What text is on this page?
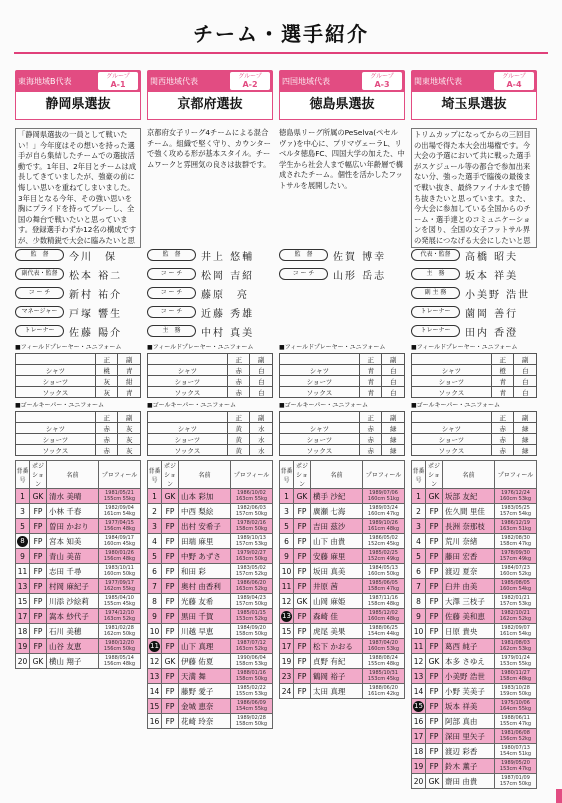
チーム・選手紹介
東海地域B代表
グループ
A-1
静岡県選抜
「静岡県選抜の一員として戦いたい！」今年度はその想いを持った選手が自ら集結したチームでの選抜活動です。1年目、2年目とチームは成長してきていましたが、強豪の前に悔しい思いを重ねてしまいました。3年目となる今年、その強い思いを胸にプライドを持ってプレーし、全国の舞台で戦いたいと思っています。登録選手わずか12名の構成ですが、少数精鋭で大会に臨みたいと思
監　督	今川　保
副代表・監督	松本 裕二
コ ー チ	新村 祐介
マネージャー	戸塚 響生
トレーナー	佐藤 陽介
■フィールドプレーヤー・ユニフォーム
	正	副
シャツ	桃	青
ショーツ	灰	紺
ソックス	灰	青
■ゴールキーパー・ユニフォーム
	正	副
シャツ	赤	灰
ショーツ	赤	灰
ソックス	赤	灰
背番号	ポジション	名前	プロフィール
1	GK	清水 美晴	1981/05/21 155cm 55kg
3	FP	小林 千春	1982/09/04 161cm 54kg
5	FP	曽田 かおり	1977/04/15 156cm 48kg
8	FP	宮本 知美	1984/09/17 160cm 45kg
9	FP	青山 美苗	1980/01/26 156cm 48kg
11	FP	志田 千尋	1983/10/11 160cm 50kg
13	FP	村岡 麻紀子	1977/09/17 162cm 55kg
15	FP	川添 沙絵莉	1985/04/10 155cm 45kg
17	FP	嵩本 紗代子	1974/12/10 163cm 52kg
18	FP	石川 美穂	1981/02/28 162cm 50kg
19	FP	山谷 友恵	1980/12/20 156cm 50kg
20	GK	横山 翔子	1988/05/14 156cm 48kg
関西地域代表
グループ
A-2
京都府選抜
京都府女子リーグ4チームによる混合チーム。組織で堅く守り、カウンターで強く攻める形が基本スタイル。チームワークと雰囲気の良さは抜群です。
監　督	井上 悠輔
コ ー チ	松岡 吉紹
コ ー チ	藤原　亮
コ ー チ	近藤 秀雄
主　務	中村 真美
■フィールドプレーヤー・ユニフォーム
	正	副
シャツ	赤	白
ショーツ	赤	白
ソックス	赤	白
■ゴールキーパー・ユニフォーム
	正	副
シャツ	黄	水
ショーツ	黄	水
ソックス	黄	水
背番号	ポジション	名前	プロフィール
1	GK	山本 彩加	1986/10/02 163cm 55kg
2	FP	中西 梨絵	1982/06/03 157cm 50kg
3	FP	出村 安希子	1978/02/16 158cm 50kg
4	FP	田端 麻里	1989/10/13 157cm 53kg
5	FP	中野 あずさ	1979/02/27 163cm 50kg
6	FP	和田 彩	1983/05/02 157cm 52kg
7	FP	奥村 由香利	1986/06/20 163cm 52kg
8	FP	光藤 友希	1989/04/23 157cm 50kg
9	FP	黒田 千賀	1985/01/15 153cm 52kg
10	FP	川越 早恵	1984/09/20 158cm 50kg
11	FP	山下 真理	1987/07/12 163cm 52kg
12	GK	伊藤 佑夏	1990/06/04 158cm 53kg
13	FP	天満 舞	1988/01/16 158cm 50kg
14	FP	藤野 愛子	1985/02/22 155cm 53kg
15	FP	金城 恵奈	1986/06/09 154cm 55kg
16	FP	花崎 玲奈	1989/02/28 158cm 50kg
四国地域代表
グループ
A-3
徳島県選抜
徳島県リーグ所属のPeSelva(ペセルヴァ)を中心に、プリマヴェーラL、リベルタ徳島FC、四国大学の加えた、中学生から社会人まで幅広い年齢層で構成されたチーム。個性を活かしたフットサルを展開したい。
監　督	佐賀 博幸
コ ー チ	山形 岳志
■フィールドプレーヤー・ユニフォーム
	正	副
シャツ	青	白
ショーツ	青	白
ソックス	青	白
■ゴールキーパー・ユニフォーム
	正	副
シャツ	赤	緑
ショーツ	赤	緑
ソックス	赤	緑
背番号	ポジション	名前	プロフィール
1	GK	横手 沙紀	1989/07/06 160cm 51kg
3	FP	廣瀬 七海	1989/03/24 160cm 47kg
5	FP	吉田 茲沙	1989/10/26 161cm 48kg
6	FP	山下 由貴	1986/05/02 152cm 45kg
9	FP	安藤 麻里	1985/02/25 152cm 49kg
10	FP	坂田 真美	1984/05/13 160cm 50kg
11	FP	井原 茜	1985/06/05 158cm 47kg
12	GK	山岡 麻姫	1987/11/16 158cm 48kg
13	FP	森崎 佳	1985/12/02 160cm 48kg
15	FP	虎尾 美果	1988/06/25 154cm 44kg
17	FP	松下 かおる	1987/04/20 160cm 53kg
19	FP	貞野 有紀	1988/08/24 155cm 48kg
23	FP	鶴岡 裕子	1985/10/31 153cm 45kg
24	FP	太田 真理	1988/06/20 161cm 42kg
関東地域代表
グループ
A-4
埼玉県選抜
トリムカップになってからの三回目の出場で得た本大会出場権です。今大会の予選において共に戦った選手がスケジュール等の都合で参加出来ない分、強った選手で臨後の最後まで戦い抜き、最終ファイナルまで勝ち抜きたいと思っています。また、今大会に参加している全国からのチーム・選手達とのコミュニケーションを図り、全国の女子フットサル界の発展につなげる大会にしたいと思
代表・監督	高橋 昭夫
主　務	坂本 祥美
副 主 務	小美野 浩世
トレーナー	薗岡 善行
トレーナー	田内 香澄
■フィールドプレーヤー・ユニフォーム
	正	副
シャツ	橙	白
ショーツ	青	白
ソックス	青	白
■ゴールキーパー・ユニフォーム
	正	副
シャツ	赤	緑
ショーツ	赤	緑
ソックス	赤	緑
背番号	ポジション	名前	プロフィール
1	GK	坂部 友紀	1976/12/24 160cm 53kg
2	FP	佐久間 里佳	1983/05/25 157cm 54kg
3	FP	長洲 奈那枝	1986/12/19 163cm 51kg
4	FP	荒川 奈緒	1982/08/30 158cm 47kg
5	FP	藤田 宏香	1978/09/30 157cm 49kg
6	FP	渡辺 夏奈	1984/07/23 160cm 52kg
7	FP	臼井 由美	1985/08/05 160cm 54kg
8	FP	大澤 三枝子	1982/01/21 157cm 53kg
9	FP	佐藤 美和恵	1982/10/21 162cm 52kg
10	FP	日原 貴央	1982/09/07 161cm 54kg
11	FP	葛西 純子	1981/08/03 162cm 53kg
12	GK	本多 さゆえ	1979/01/24 153cm 55kg
13	FP	小美野 浩世	1980/11/27 158cm 48kg
14	FP	小野 芙美子	1983/10/28 159cm 50kg
15	FP	坂本 祥美	1975/10/06 164cm 55kg
16	FP	阿部 真由	1988/06/11 155cm 47kg
17	FP	深田 里矢子	1981/06/08 156cm 52kg
18	FP	渡辺 彩香	1980/07/13 154cm 51kg
19	FP	鈴木 薫子	1989/05/20 153cm 47kg
20	GK	齋田 由貴	1987/01/09 157cm 50kg
